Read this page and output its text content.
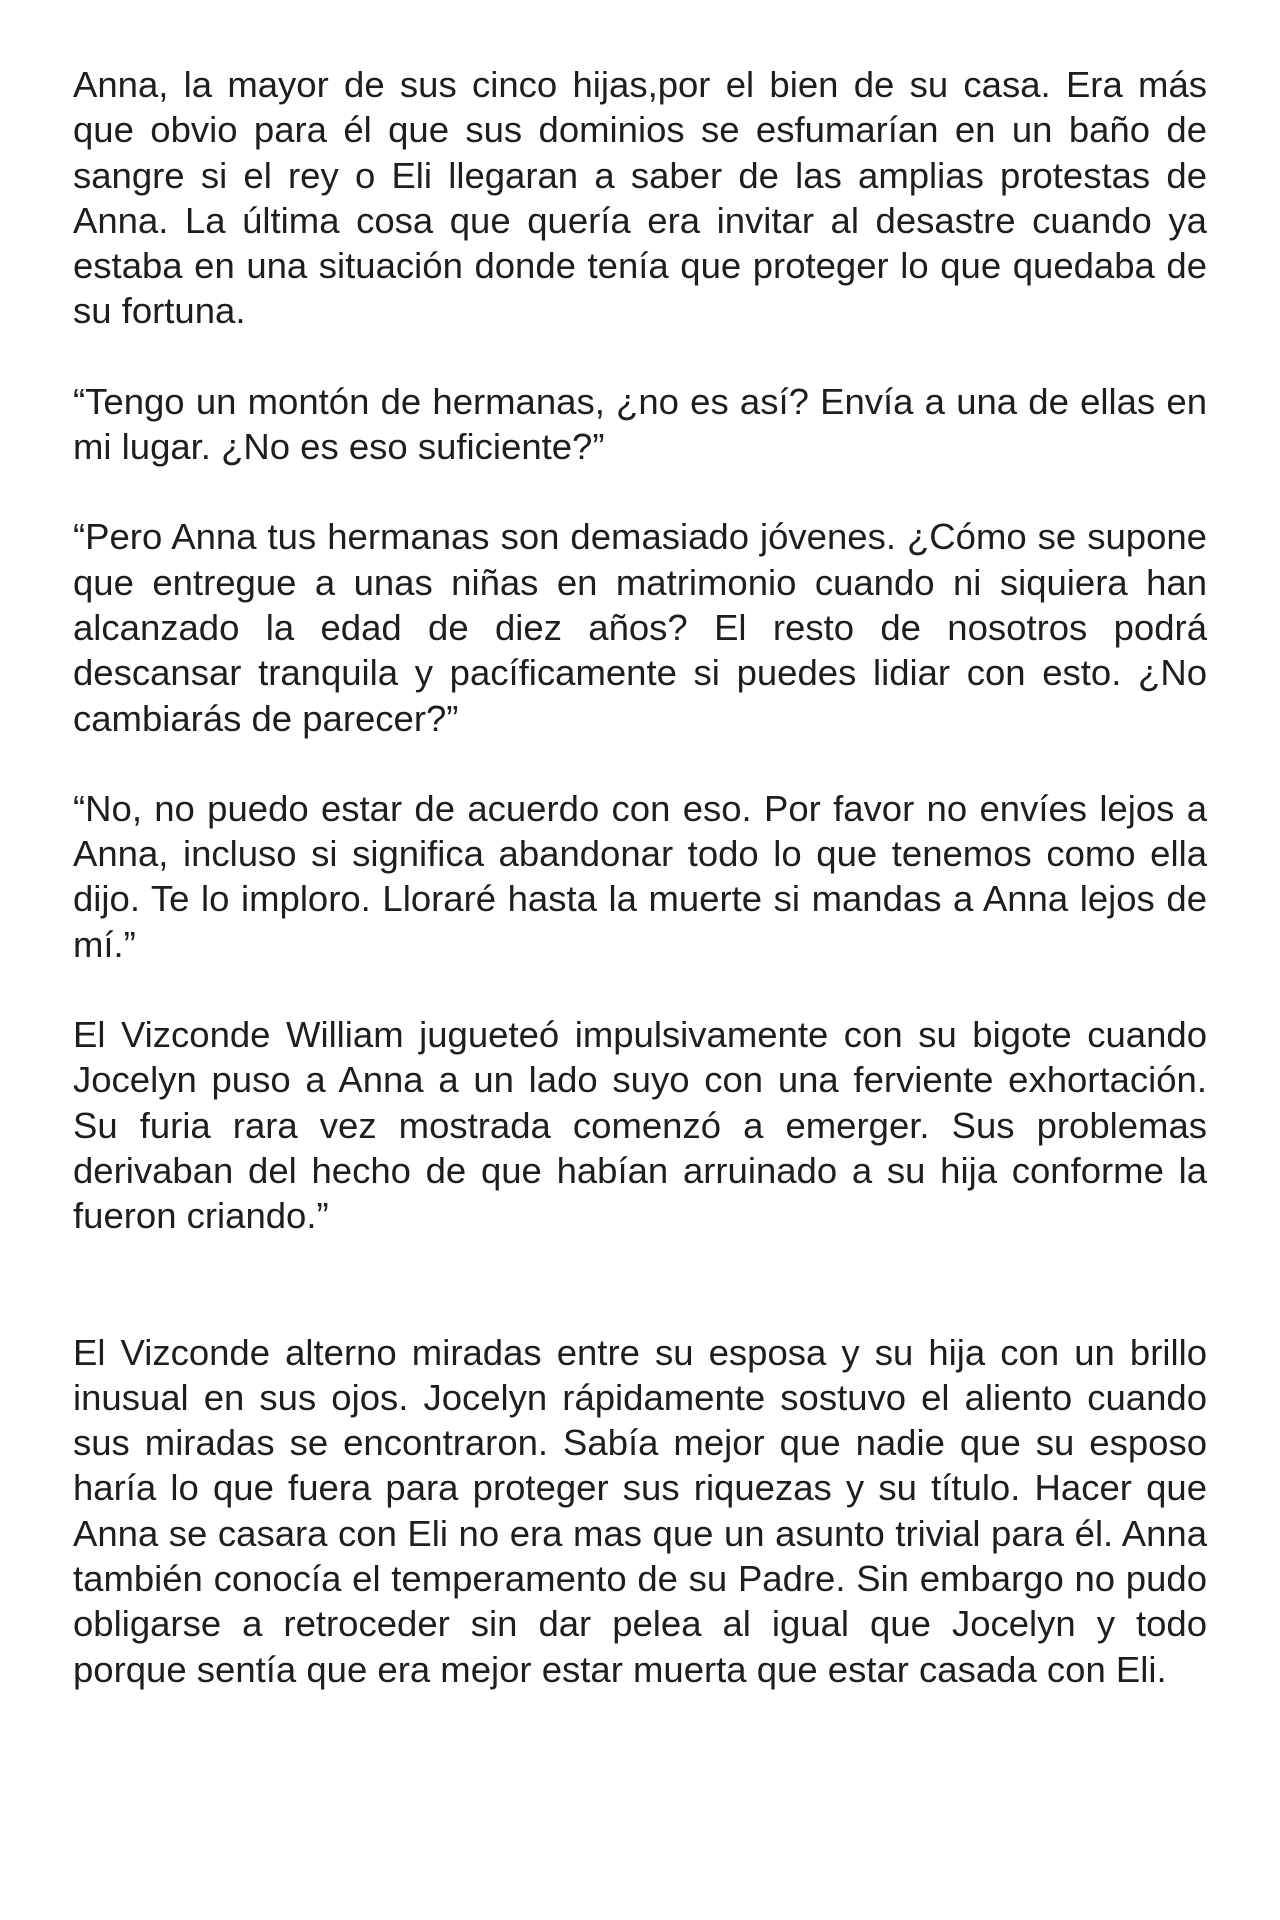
Anna, la mayor de sus cinco hijas,por el bien de su casa. Era más que obvio para él que sus dominios se esfumarían en un baño de sangre si el rey o Eli llegaran a saber de las amplias protestas de Anna. La última cosa que quería era invitar al desastre cuando ya estaba en una situación donde tenía que proteger lo que quedaba de su fortuna.

“Tengo un montón de hermanas, ¿no es así? Envía a una de ellas en mi lugar. ¿No es eso suficiente?”

“Pero Anna tus hermanas son demasiado jóvenes. ¿Cómo se supone que entregue a unas niñas en matrimonio cuando ni siquiera han alcanzado la edad de diez años? El resto de nosotros podrá descansar tranquila y pacíficamente si puedes lidiar con esto. ¿No cambiarás de parecer?”

“No, no puedo estar de acuerdo con eso. Por favor no envíes lejos a Anna, incluso si significa abandonar todo lo que tenemos como ella dijo. Te lo imploro. Lloraré hasta la muerte si mandas a Anna lejos de mí.”

El Vizconde William jugueteó impulsivamente con su bigote cuando Jocelyn puso a Anna a un lado suyo con una ferviente exhortación. Su furia rara vez mostrada comenzó a emerger. Sus problemas derivaban del hecho de que habían arruinado a su hija conforme la fueron criando.”

El Vizconde alterno miradas entre su esposa y su hija con un brillo inusual en sus ojos. Jocelyn rápidamente sostuvo el aliento cuando sus miradas se encontraron. Sabía mejor que nadie que su esposo haría lo que fuera para proteger sus riquezas y su título. Hacer que Anna se casara con Eli no era mas que un asunto trivial para él. Anna también conocía el temperamento de su Padre. Sin embargo no pudo obligarse a retroceder sin dar pelea al igual que Jocelyn y todo porque sentía que era mejor estar muerta que estar casada con Eli.
